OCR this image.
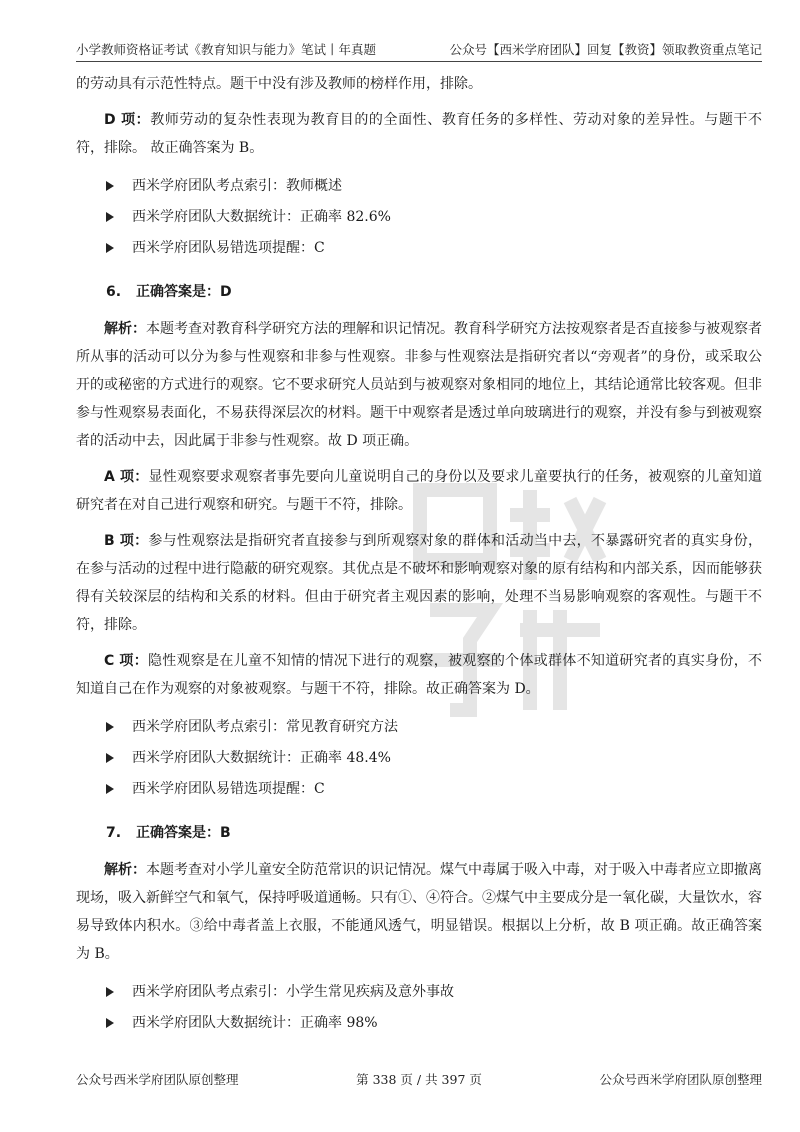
小学教师资格证考试《教育知识与能力》笔试丨年真题	公众号【西米学府团队】回复【教资】领取教资重点笔记

的劳动具有示范性特点。题干中没有涉及教师的榜样作用，排除。

D 项：教师劳动的复杂性表现为教育目的的全面性、教育任务的多样性、劳动对象的差异性。与题干不符，排除。 故正确答案为 B。

西米学府团队考点索引：教师概述
西米学府团队大数据统计：正确率 82.6%
西米学府团队易错选项提醒：C
6.	正确答案是：D

解析：本题考查对教育科学研究方法的理解和识记情况。教育科学研究方法按观察者是否直接参与被观察者所从事的活动可以分为参与性观察和非参与性观察。非参与性观察法是指研究者以“旁观者”的身份，或采取公开的或秘密的方式进行的观察。它不要求研究人员站到与被观察对象相同的地位上，其结论通常比较客观。但非参与性观察易表面化，不易获得深层次的材料。题干中观察者是透过单向玻璃进行的观察，并没有参与到被观察者的活动中去，因此属于非参与性观察。故 D 项正确。

A 项：显性观察要求观察者事先要向儿童说明自己的身份以及要求儿童要执行的任务，被观察的儿童知道研究者在对自己进行观察和研究。与题干不符，排除。

B 项：参与性观察法是指研究者直接参与到所观察对象的群体和活动当中去，不暴露研究者的真实身份，在参与活动的过程中进行隐蔽的研究观察。其优点是不破坏和影响观察对象的原有结构和内部关系，因而能够获得有关较深层的结构和关系的材料。但由于研究者主观因素的影响，处理不当易影响观察的客观性。与题干不符，排除。

C 项：隐性观察是在儿童不知情的情况下进行的观察，被观察的个体或群体不知道研究者的真实身份，不知道自己在作为观察的对象被观察。与题干不符，排除。故正确答案为 D。

西米学府团队考点索引：常见教育研究方法
西米学府团队大数据统计：正确率 48.4%
西米学府团队易错选项提醒：C
7.	正确答案是：B

解析：本题考查对小学儿童安全防范常识的识记情况。煤气中毒属于吸入中毒，对于吸入中毒者应立即撤离现场，吸入新鲜空气和氧气，保持呼吸道通畅。只有①、④符合。②煤气中主要成分是一氧化碳，大量饮水，容易导致体内积水。③给中毒者盖上衣服，不能通风透气，明显错误。根据以上分析，故 B 项正确。故正确答案为 B。

西米学府团队考点索引：小学生常见疾病及意外事故
西米学府团队大数据统计：正确率 98%
公众号西米学府团队原创整理	第 338 页 / 共 397 页	公众号西米学府团队原创整理
